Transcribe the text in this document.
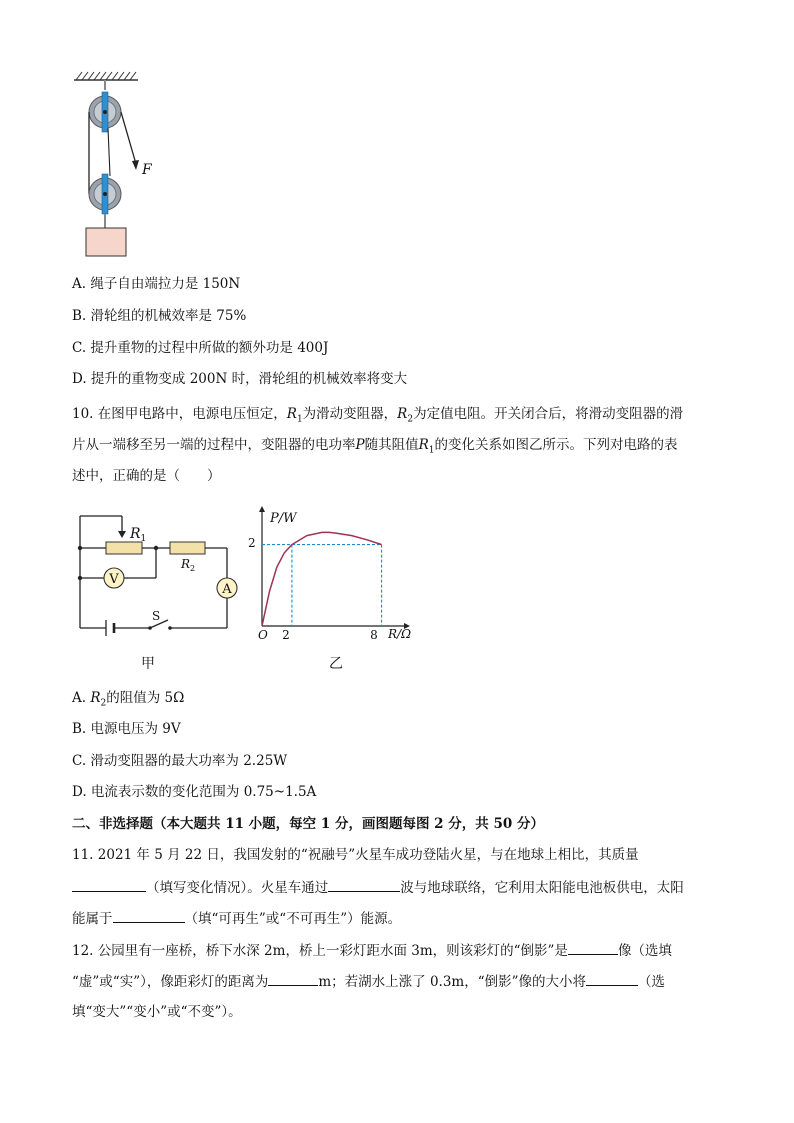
F
A. 绳子自由端拉力是 150N
B. 滑轮组的机械效率是 75%
C. 提升重物的过程中所做的额外功是 400J
D. 提升的重物变成 200N 时，滑轮组的机械效率将变大
10. 在图甲电路中，电源电压恒定，$R_1$为滑动变阻器，$R_2$为定值电阻。开关闭合后，将滑动变阻器的滑
片从一端移至另一端的过程中，变阻器的电功率P随其阻值$R_1$的变化关系如图乙所示。下列对电路的表
述中，正确的是（　　）
V
A
$R_1$
$R_2$
S
甲
P/W
R/Ω
O
2
2	8
乙
A. $R_2$的阻值为 5Ω
B. 电源电压为 9V
C. 滑动变阻器的最大功率为 2.25W
D. 电流表示数的变化范围为 0.75~1.5A
二、非选择题（本大题共 11 小题，每空 1 分，画图题每图 2 分，共 50 分）
11. 2021 年 5 月 22 日，我国发射的“祝融号”火星车成功登陆火星，与在地球上相比，其质量
（填写变化情况）。火星车通过	波与地球联络，它利用太阳能电池板供电，太阳
能属于	（填“可再生”或“不可再生”）能源。
12. 公园里有一座桥，桥下水深 2m，桥上一彩灯距水面 3m，则该彩灯的“倒影”是	像（选填
“虚”或“实”），像距彩灯的距离为	m；若湖水上涨了 0.3m，“倒影”像的大小将	（选
填“变大”“变小”或“不变”）。
